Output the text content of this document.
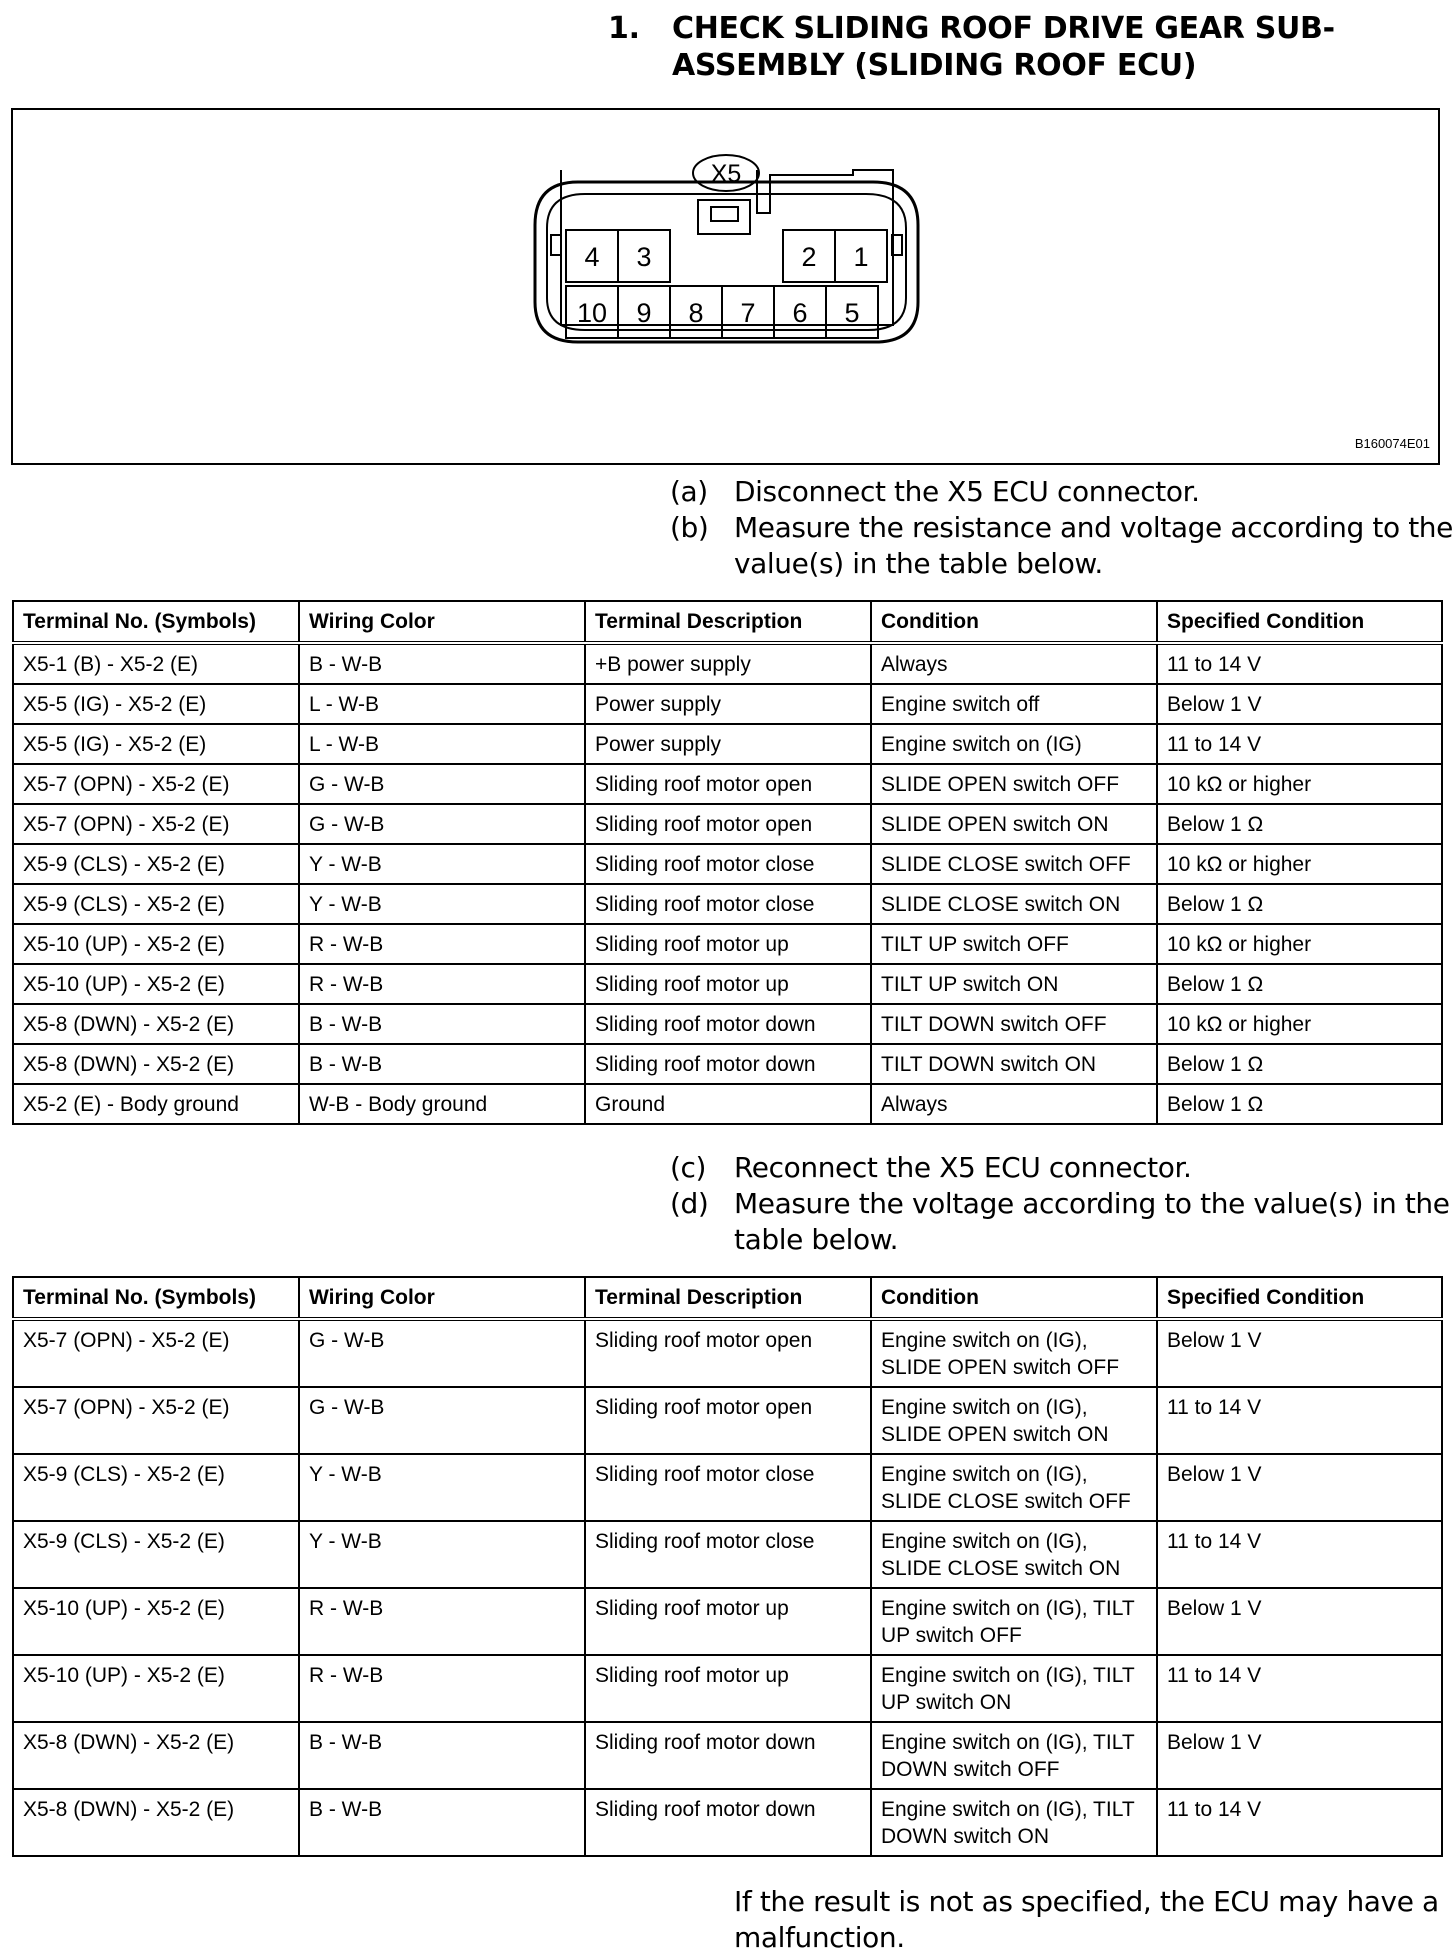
1. CHECK SLIDING ROOF DRIVE GEAR SUB-ASSEMBLY (SLIDING ROOF ECU)
X5
4 3	2 1
10 9 8 7 6 5
B160074E01
(a) Disconnect the X5 ECU connector.
(b) Measure the resistance and voltage according to the value(s) in the table below.
Terminal No. (Symbols)	Wiring Color	Terminal Description	Condition	Specified Condition
X5-1 (B) - X5-2 (E)	B - W-B	+B power supply	Always	11 to 14 V
X5-5 (IG) - X5-2 (E)	L - W-B	Power supply	Engine switch off	Below 1 V
X5-5 (IG) - X5-2 (E)	L - W-B	Power supply	Engine switch on (IG)	11 to 14 V
X5-7 (OPN) - X5-2 (E)	G - W-B	Sliding roof motor open	SLIDE OPEN switch OFF	10 kΩ or higher
X5-7 (OPN) - X5-2 (E)	G - W-B	Sliding roof motor open	SLIDE OPEN switch ON	Below 1 Ω
X5-9 (CLS) - X5-2 (E)	Y - W-B	Sliding roof motor close	SLIDE CLOSE switch OFF	10 kΩ or higher
X5-9 (CLS) - X5-2 (E)	Y - W-B	Sliding roof motor close	SLIDE CLOSE switch ON	Below 1 Ω
X5-10 (UP) - X5-2 (E)	R - W-B	Sliding roof motor up	TILT UP switch OFF	10 kΩ or higher
X5-10 (UP) - X5-2 (E)	R - W-B	Sliding roof motor up	TILT UP switch ON	Below 1 Ω
X5-8 (DWN) - X5-2 (E)	B - W-B	Sliding roof motor down	TILT DOWN switch OFF	10 kΩ or higher
X5-8 (DWN) - X5-2 (E)	B - W-B	Sliding roof motor down	TILT DOWN switch ON	Below 1 Ω
X5-2 (E) - Body ground	W-B - Body ground	Ground	Always	Below 1 Ω
(c) Reconnect the X5 ECU connector.
(d) Measure the voltage according to the value(s) in the table below.
Terminal No. (Symbols)	Wiring Color	Terminal Description	Condition	Specified Condition
X5-7 (OPN) - X5-2 (E)	G - W-B	Sliding roof motor open	Engine switch on (IG), SLIDE OPEN switch OFF	Below 1 V
X5-7 (OPN) - X5-2 (E)	G - W-B	Sliding roof motor open	Engine switch on (IG), SLIDE OPEN switch ON	11 to 14 V
X5-9 (CLS) - X5-2 (E)	Y - W-B	Sliding roof motor close	Engine switch on (IG), SLIDE CLOSE switch OFF	Below 1 V
X5-9 (CLS) - X5-2 (E)	Y - W-B	Sliding roof motor close	Engine switch on (IG), SLIDE CLOSE switch ON	11 to 14 V
X5-10 (UP) - X5-2 (E)	R - W-B	Sliding roof motor up	Engine switch on (IG), TILT UP switch OFF	Below 1 V
X5-10 (UP) - X5-2 (E)	R - W-B	Sliding roof motor up	Engine switch on (IG), TILT UP switch ON	11 to 14 V
X5-8 (DWN) - X5-2 (E)	B - W-B	Sliding roof motor down	Engine switch on (IG), TILT DOWN switch OFF	Below 1 V
X5-8 (DWN) - X5-2 (E)	B - W-B	Sliding roof motor down	Engine switch on (IG), TILT DOWN switch ON	11 to 14 V
If the result is not as specified, the ECU may have a malfunction.
